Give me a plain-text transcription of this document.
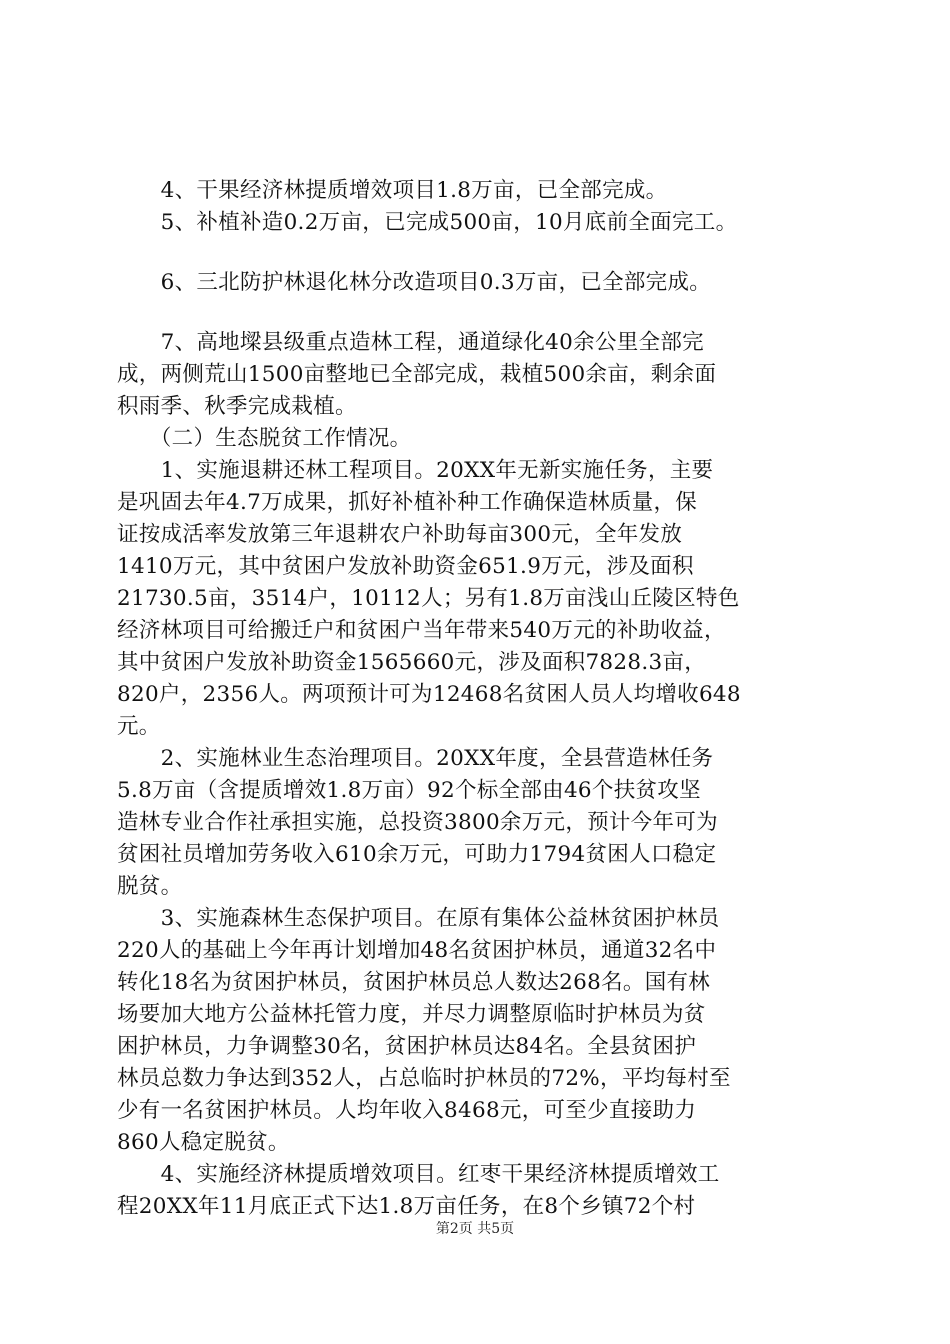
　　4、干果经济林提质增效项目1.8万亩，已全部完成。
　　5、补植补造0.2万亩，已完成500亩，10月底前全面完工。
　　6、三北防护林退化林分改造项目0.3万亩，已全部完成。
　　7、高地墚县级重点造林工程，通道绿化40余公里全部完
成，两侧荒山1500亩整地已全部完成，栽植500余亩，剩余面
积雨季、秋季完成栽植。
　　（二）生态脱贫工作情况。
　　1、实施退耕还林工程项目。20XX年无新实施任务，主要
是巩固去年4.7万成果，抓好补植补种工作确保造林质量，保
证按成活率发放第三年退耕农户补助每亩300元，全年发放
1410万元，其中贫困户发放补助资金651.9万元，涉及面积
21730.5亩，3514户，10112人；另有1.8万亩浅山丘陵区特色
经济林项目可给搬迁户和贫困户当年带来540万元的补助收益，
其中贫困户发放补助资金1565660元，涉及面积7828.3亩，
820户，2356人。两项预计可为12468名贫困人员人均增收648
元。
　　2、实施林业生态治理项目。20XX年度，全县营造林任务
5.8万亩（含提质增效1.8万亩）92个标全部由46个扶贫攻坚
造林专业合作社承担实施，总投资3800余万元，预计今年可为
贫困社员增加劳务收入610余万元，可助力1794贫困人口稳定
脱贫。
　　3、实施森林生态保护项目。在原有集体公益林贫困护林员
220人的基础上今年再计划增加48名贫困护林员，通道32名中
转化18名为贫困护林员，贫困护林员总人数达268名。国有林
场要加大地方公益林托管力度，并尽力调整原临时护林员为贫
困护林员，力争调整30名，贫困护林员达84名。全县贫困护
林员总数力争达到352人，占总临时护林员的72%，平均每村至
少有一名贫困护林员。人均年收入8468元，可至少直接助力
860人稳定脱贫。
　　4、实施经济林提质增效项目。红枣干果经济林提质增效工
程20XX年11月底正式下达1.8万亩任务，在8个乡镇72个村
第2页 共5页
